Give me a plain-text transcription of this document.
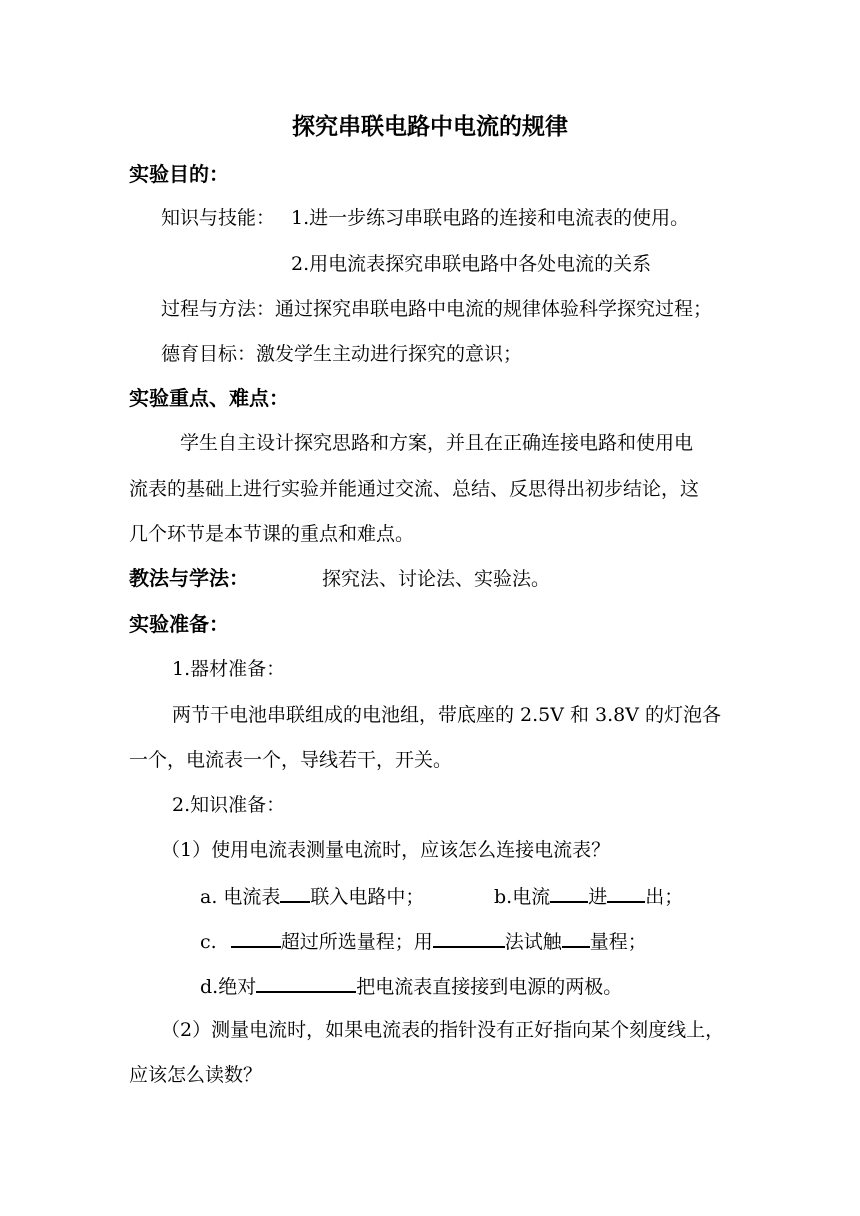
探究串联电路中电流的规律
实验目的：
知识与技能： 1.进一步练习串联电路的连接和电流表的使用。
2.用电流表探究串联电路中各处电流的关系
过程与方法：通过探究串联电路中电流的规律体验科学探究过程；
德育目标：激发学生主动进行探究的意识；
实验重点、难点：
学生自主设计探究思路和方案，并且在正确连接电路和使用电
流表的基础上进行实验并能通过交流、总结、反思得出初步结论，这
几个环节是本节课的重点和难点。
教法与学法：	探究法、讨论法、实验法。
实验准备：
1.器材准备：
两节干电池串联组成的电池组，带底座的 2.5V 和 3.8V 的灯泡各
一个，电流表一个，导线若干，开关。
2.知识准备：
（1）使用电流表测量电流时，应该怎么连接电流表？
a. 电流表 联入电路中；	b.电流 进 出；
c.	超过所选量程；用	法试触 量程；
d.绝对	把电流表直接接到电源的两极。
（2）测量电流时，如果电流表的指针没有正好指向某个刻度线上，
应该怎么读数？
